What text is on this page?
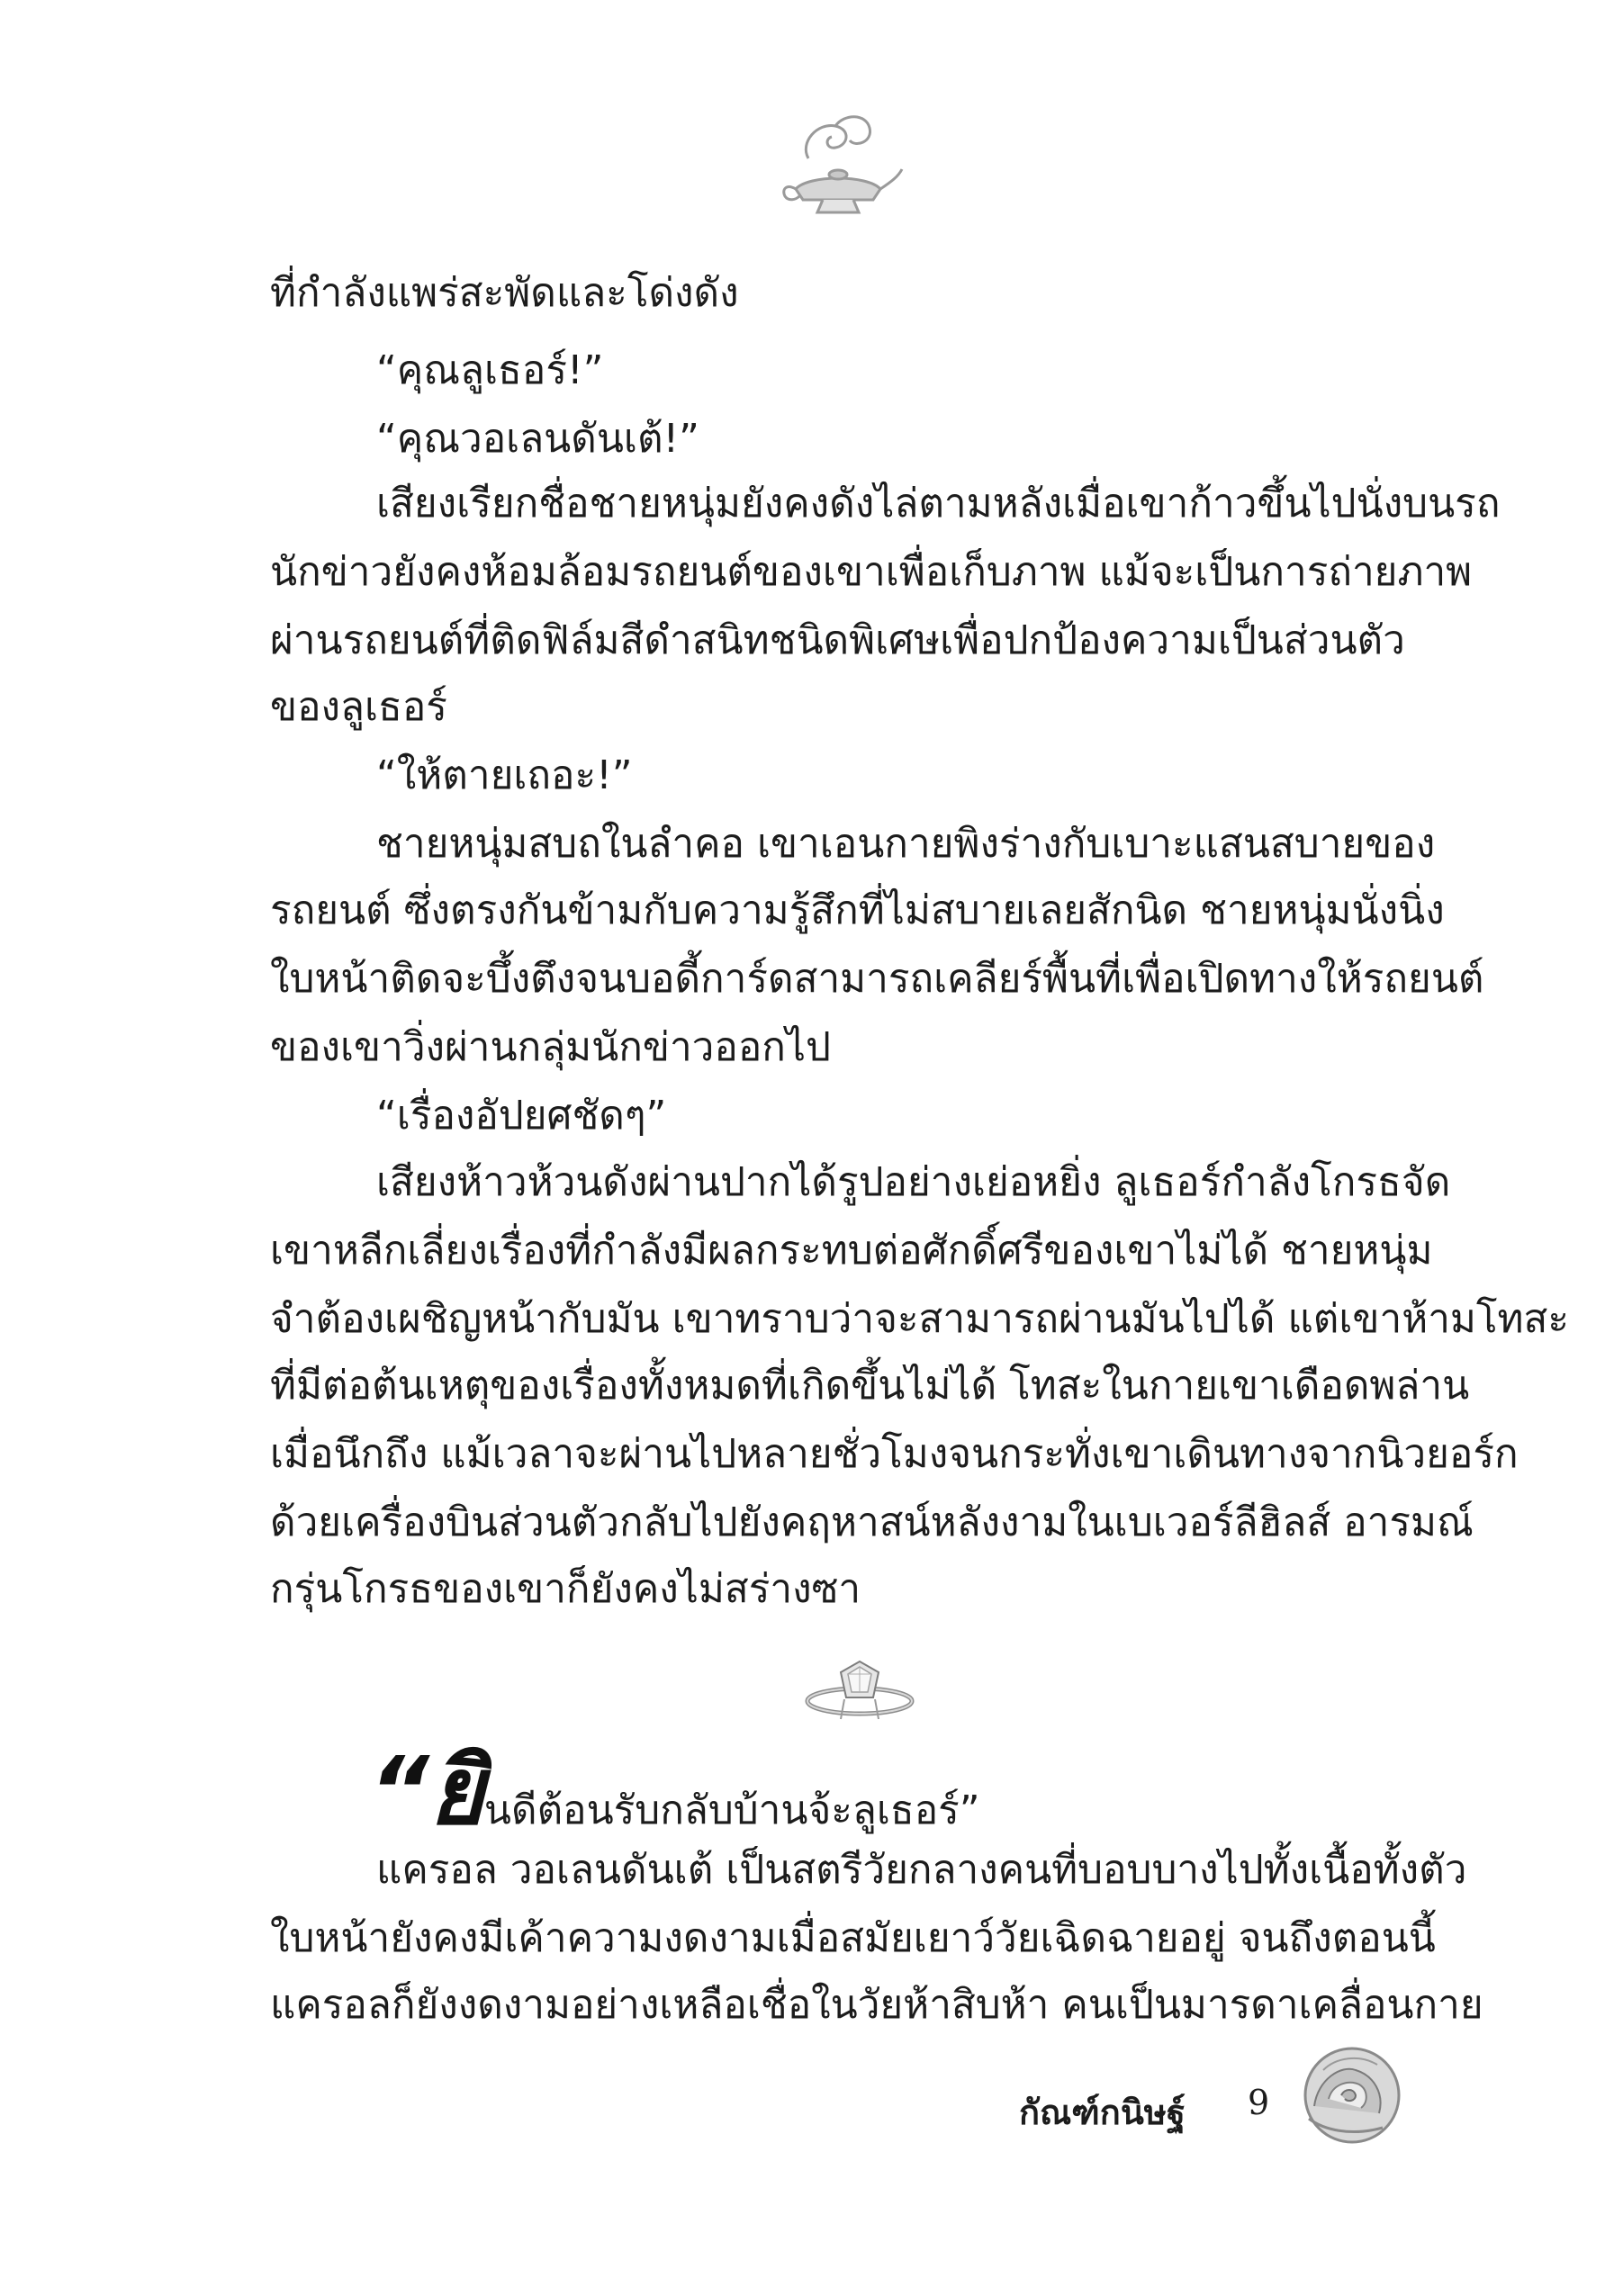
ที่กำลังแพร่สะพัดและโด่งดัง
“คุณลูเธอร์!”
“คุณวอเลนดันเต้!”
เสียงเรียกชื่อชายหนุ่มยังคงดังไล่ตามหลังเมื่อเขาก้าวขึ้นไปนั่งบนรถ
นักข่าวยังคงห้อมล้อมรถยนต์ของเขาเพื่อเก็บภาพ แม้จะเป็นการถ่ายภาพ
ผ่านรถยนต์ที่ติดฟิล์มสีดำสนิทชนิดพิเศษเพื่อปกป้องความเป็นส่วนตัว
ของลูเธอร์
“ให้ตายเถอะ!”
ชายหนุ่มสบถในลำคอ เขาเอนกายพิงร่างกับเบาะแสนสบายของ
รถยนต์ ซึ่งตรงกันข้ามกับความรู้สึกที่ไม่สบายเลยสักนิด ชายหนุ่มนั่งนิ่ง
ใบหน้าติดจะบึ้งตึงจนบอดี้การ์ดสามารถเคลียร์พื้นที่เพื่อเปิดทางให้รถยนต์
ของเขาวิ่งผ่านกลุ่มนักข่าวออกไป
“เรื่องอัปยศชัดๆ”
เสียงห้าวห้วนดังผ่านปากได้รูปอย่างเย่อหยิ่ง ลูเธอร์กำลังโกรธจัด
เขาหลีกเลี่ยงเรื่องที่กำลังมีผลกระทบต่อศักดิ์ศรีของเขาไม่ได้ ชายหนุ่ม
จำต้องเผชิญหน้ากับมัน เขาทราบว่าจะสามารถผ่านมันไปได้ แต่เขาห้ามโทสะ
ที่มีต่อต้นเหตุของเรื่องทั้งหมดที่เกิดขึ้นไม่ได้ โทสะในกายเขาเดือดพล่าน
เมื่อนึกถึง แม้เวลาจะผ่านไปหลายชั่วโมงจนกระทั่งเขาเดินทางจากนิวยอร์ก
ด้วยเครื่องบินส่วนตัวกลับไปยังคฤหาสน์หลังงามในเบเวอร์ลีฮิลส์ อารมณ์
กรุ่นโกรธของเขาก็ยังคงไม่สร่างซา
“ยินดีต้อนรับกลับบ้านจ้ะลูเธอร์”
แครอล วอเลนดันเต้ เป็นสตรีวัยกลางคนที่บอบบางไปทั้งเนื้อทั้งตัว
ใบหน้ายังคงมีเค้าความงดงามเมื่อสมัยเยาว์วัยเฉิดฉายอยู่ จนถึงตอนนี้
แครอลก็ยังงดงามอย่างเหลือเชื่อในวัยห้าสิบห้า คนเป็นมารดาเคลื่อนกาย
กัณฑ์กนิษฐ์ 9
